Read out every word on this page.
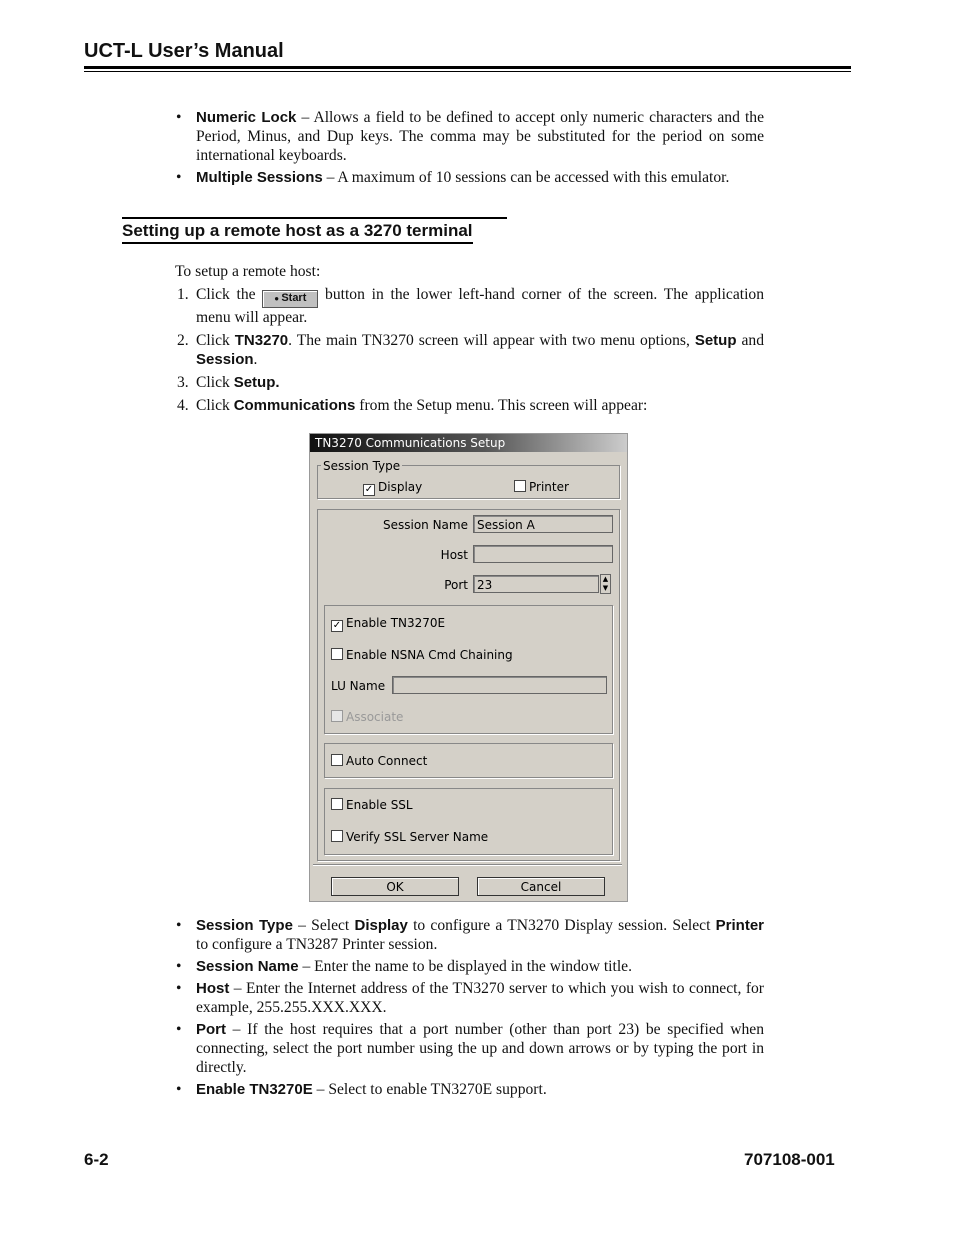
UCT-L User’s Manual
• Numeric Lock – Allows a field to be defined to accept only numeric characters and the Period, Minus, and Dup keys. The comma may be substituted for the period on some international keyboards.
• Multiple Sessions – A maximum of 10 sessions can be accessed with this emulator.
Setting up a remote host as a 3270 terminal
To setup a remote host:
1. Click the ● Start button in the lower left-hand corner of the screen. The application menu will appear.
2. Click TN3270. The main TN3270 screen will appear with two menu options, Setup and Session.
3. Click Setup.
4. Click Communications from the Setup menu. This screen will appear:
TN3270 Communications Setup
Session Type
✓ Display	Printer
Session Name Session A
Host
Port 23	▲
▼
✓ Enable TN3270E
Enable NSNA Cmd Chaining
LU Name
Associate
Auto Connect
Enable SSL
Verify SSL Server Name
OK	Cancel
• Session Type – Select Display to configure a TN3270 Display session. Select Printer to configure a TN3287 Printer session.
• Session Name – Enter the name to be displayed in the window title.
• Host – Enter the Internet address of the TN3270 server to which you wish to connect, for example, 255.255.XXX.XXX.
• Port – If the host requires that a port number (other than port 23) be specified when connecting, select the port number using the up and down arrows or by typing the port in directly.
• Enable TN3270E – Select to enable TN3270E support.
6-2	707108-001
